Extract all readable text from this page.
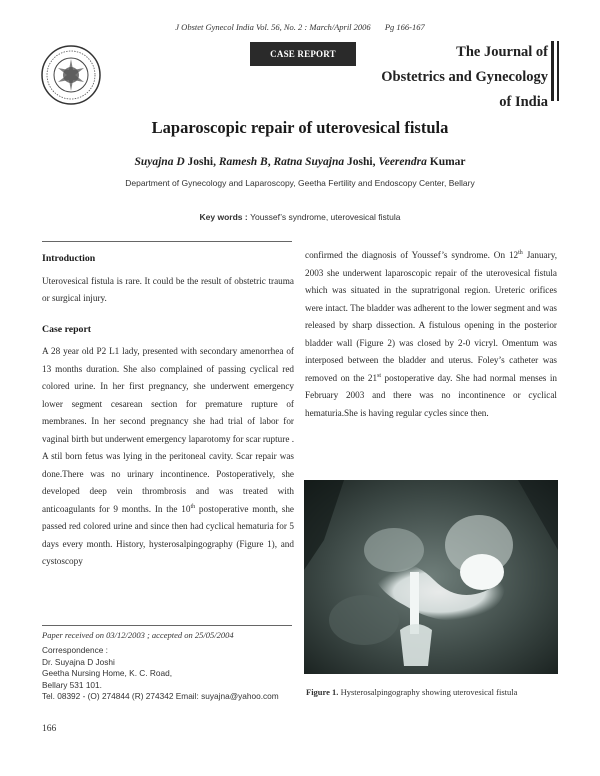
J Obstet Gynecol India Vol. 56, No. 2 : March/April 2006 Pg 166-167
CASE REPORT	The Journal of
Obstetrics and Gynecology
of India
Laparoscopic repair of uterovesical fistula
Suyajna D Joshi, Ramesh B, Ratna Suyajna Joshi, Veerendra Kumar
Department of Gynecology and Laparoscopy, Geetha Fertility and Endoscopy Center, Bellary
Key words : Youssef’s syndrome, uterovesical fistula

Introduction

Uterovesical fistula is rare. It could be the result of obstetric trauma or surgical injury.

Case report

A 28 year old P2 L1 lady, presented with secondary amenorrhea of 13 months duration. She also complained of passing cyclical red colored urine. In her first pregnancy, she underwent emergency lower segment cesarean section for premature rupture of membranes. In her second pregnancy she had trial of labor for vaginal birth but underwent emergency laparotomy for scar rupture . A stil born fetus was lying in the peritoneal cavity. Scar repair was done.There was no urinary incontinence. Postoperatively, she developed deep vein thrombrosis and was treated with anticoagulants for 9 months. In the 10th postoperative month, she passed red colored urine and since then had cyclical hematuria for 5 days every month. History, hysterosalpingography (Figure 1), and cystoscopy

confirmed the diagnosis of Youssef’s syndrome. On 12th January, 2003 she underwent laparoscopic repair of the uterovesical fistula which was situated in the supratrigonal region. Ureteric orifices were intact. The bladder was adherent to the lower segment and was released by sharp dissection. A fistulous opening in the posterior bladder wall (Figure 2) was closed by 2-0 vicryl. Omentum was interposed between the bladder and uterus. Foley’s catheter was removed on the 21st postoperative day. She had normal menses in February 2003 and there was no incontinence or cyclical hematuria.She is having regular cycles since then.

Paper received on 03/12/2003 ; accepted on 25/05/2004
Correspondence :
Dr. Suyajna D Joshi
Geetha Nursing Home, K. C. Road,
Bellary 531 101.
Tel. 08392 - (O) 274844 (R) 274342 Email: suyajna@yahoo.com
166
Figure 1. Hysterosalpingography showing uterovesical fistula
